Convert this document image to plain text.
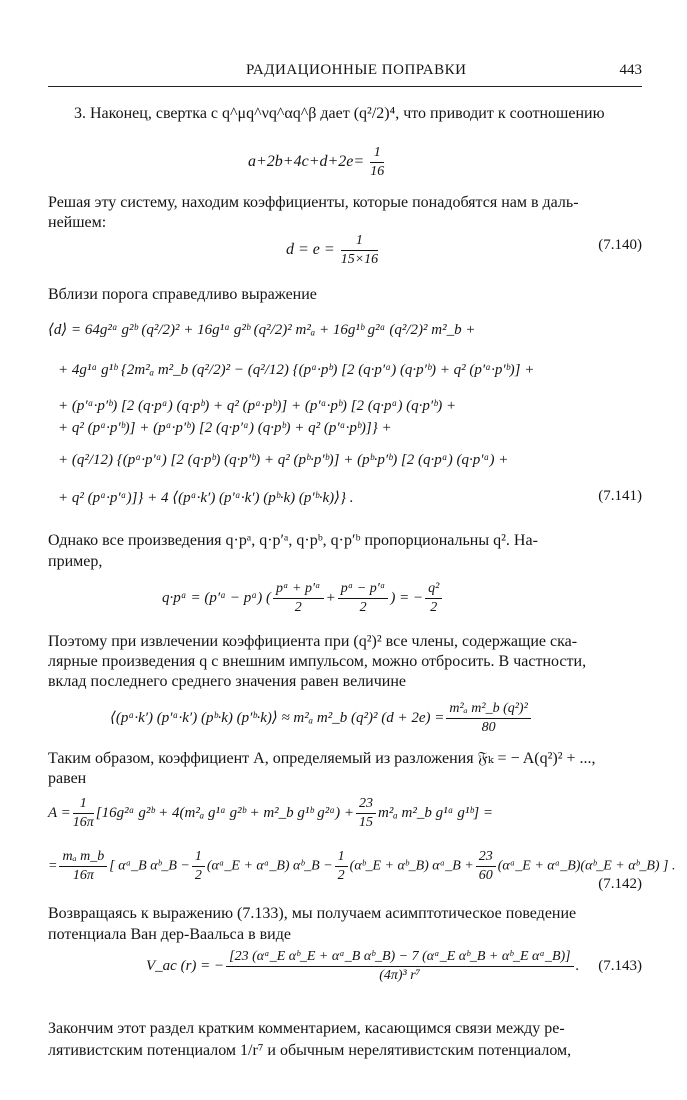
РАДИАЦИОННЫЕ ПОПРАВКИ	443
3. Наконец, свертка с q^μq^νq^αq^β дает (q²/2)⁴, что приводит к соотношению
$a+2b+4c+d+2e= \frac{1}{16}$
Решая эту систему, находим коэффициенты, которые понадобятся нам в даль-
нейшем:
$d = e = \frac{1}{15\times 16}$	(7.140)
Вблизи порога справедливо выражение
⟨d⟩ = 64g²ᵃ g²ᵇ (q²/2)² + 16g¹ᵃ g²ᵇ (q²/2)² m²ₐ + 16g¹ᵇ g²ᵃ (q²/2)² m²_b +
+ 4g¹ᵃ g¹ᵇ {2m²ₐ m²_b (q²/2)² − (q²/12) {(pᵃ·pᵇ) [2 (q·p′ᵃ) (q·p′ᵇ) + q² (p′ᵃ·p′ᵇ)] +
+ (p′ᵃ·p′ᵇ) [2 (q·pᵃ) (q·pᵇ) + q² (pᵃ·pᵇ)] + (p′ᵃ·pᵇ) [2 (q·pᵃ) (q·p′ᵇ) +
+ q² (pᵃ·p′ᵇ)] + (pᵃ·p′ᵇ) [2 (q·p′ᵃ) (q·pᵇ) + q² (p′ᵃ·pᵇ)]} +
+ (q²/12) {(pᵃ·p′ᵃ) [2 (q·pᵇ) (q·p′ᵇ) + q² (pᵇ·p′ᵇ)] + (pᵇ·p′ᵇ) [2 (q·pᵃ) (q·p′ᵃ) +
+ q² (pᵃ·p′ᵃ)]} + 4 ⟨(pᵃ·k′) (p′ᵃ·k′) (pᵇ·k) (p′ᵇ·k)⟩} .	(7.141)
Однако все произведения q·pᵃ, q·p′ᵃ, q·pᵇ, q·p′ᵇ пропорциональны q². На-
пример,
q·pᵃ = (p′ᵃ − pᵃ) ( $\frac{\text{pᵃ + p′ᵃ}}{2} + \frac{\text{pᵃ − p′ᵃ}}{2}$ ) = − $\frac{\text{q²}}{2}$
Поэтому при извлечении коэффициента при (q²)² все члены, содержащие ска-
лярные произведения q с внешним импульсом, можно отбросить. В частности,
вклад последнего среднего значения равен величине
⟨(pᵃ·k′) (p′ᵃ·k′) (pᵇ·k) (p′ᵇ·k)⟩ ≈ m²ₐ m²_b (q²)² $(d + 2e) = \frac{\text{m²ₐ m²\_b (q²)²}}{80}$
Таким образом, коэффициент A, определяемый из разложения 𝔉ₖ = − A(q²)² + ...,
равен
$A = \frac{1}{16\pi}$ [16g²ᵃ g²ᵇ + 4(m²ₐ g¹ᵃ g²ᵇ + m²_b g¹ᵇ g²ᵃ) + $\frac{23}{15} m^2_a$ m²_b g¹ᵃ g¹ᵇ] =
= $\frac{\text{mₐ m\_b}}{16\pi}$ [ αᵃ_B αᵇ_B − $\frac{1}{2}$ (αᵃ_E + αᵃ_B) αᵇ_B − $\frac{1}{2}$ (αᵇ_E + αᵇ_B) αᵃ_B + $\frac{23}{60}$ (αᵃ_E + αᵃ_B)(αᵇ_E + αᵇ_B) ] .
(7.142)
Возвращаясь к выражению (7.133), мы получаем асимптотическое поведение
потенциала Ван дер-Ваальса в виде
V_ac (r) = − $\frac{\text{[23 (αᵃ\_E αᵇ\_E + αᵃ\_B αᵇ\_B) − 7 (αᵃ\_E αᵇ\_B + αᵇ\_E αᵃ\_B)]}}{\text{(4π)³ r⁷}}$ . (7.143)
Закончим этот раздел кратким комментарием, касающимся связи между ре-
лятивистским потенциалом 1/r⁷ и обычным нерелятивистским потенциалом,
